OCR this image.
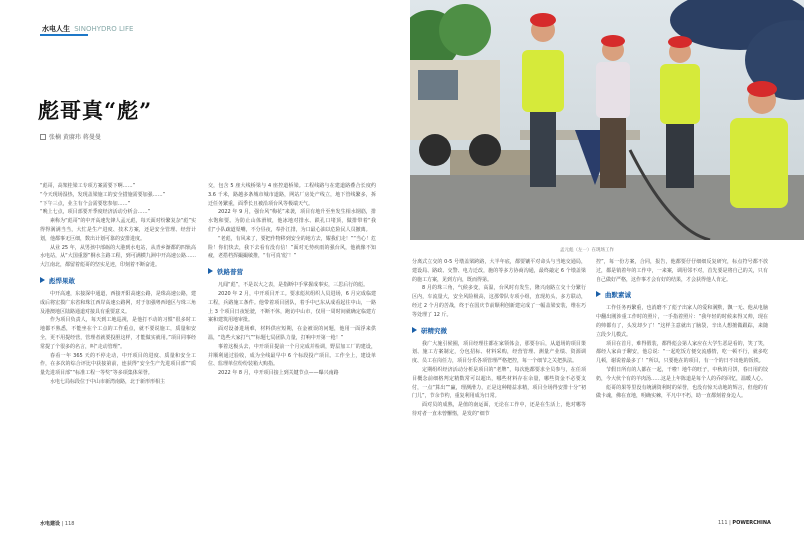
水电人生 SINOHYDRO LIFE
彪哥真“彪”
张楠 黄赓玮 蒋曼曼

“彪哥，高架桂梁工专项方案需要下啊……”

“今天现场湿热，发现盖梁施工的安全措施需要加强……”

“下午三点，业主有个会需要您参加……”

“晚上七点，项目部要开季度经济活动分析会……”

素称为“彪哥”的中开高速先锋人孟元彪，每天面对纷繁复杂“彪”实得得满满当当，大忙是生产进度、技术方案，还是安全管理、经营计划，他都事无巨细，数出计划可靠的安排进度。

从业 25 年，从男孩中部砺的大港到水电站，从青乡渐都的四轨高水电站，从“大国重器”桐水主路工程，到可满横九洲中开高速公路……大江南北，都留着彪哥的坚实足迹，印刻着不断奋进。

彪悍果敢

中开高速，东接深中通道，西接开阳高速公路，是珠高速公路，建成后将宏摸广东省和珠江西岸高速公路网，对于加强粤西地区与珠三角及港澳地区陆路通道对接具有重要意义。

作为项目负责人，每天到工地巡视，是他打不动的习惯“很多时工地都不熟悉，不能坐在个工点的工作重点，就不要说施工，质量和安全，更不用提经营，管理者就要投胆这样，才能做实就用。”项目同事经常提了个很多的名言，叫“走动管理”。

春看一年 365 天的不停走动，中开项目的进度、质量和安全工作，在多次的综合评比中获接第前，连获得“安全生产先进项目部”“质量先进项目部”“标准工程一等奖”等多项集体荣誉。

水电七局标段位于中山市新湾南路，北于新形形相主

交，包含 5 座大线桥梁与 4 座控道桥梁。工程线路与在建道路叠合长度约 3.6 千米，路越多条城市城市道路，网站厂房处产线立，地下管线繁多，拆迁任务繁重，面季长且被沿项台风等极端天气。

2022 年 9 月，强台风“梅花”来袭，项目有地升至坐发生相水钢筋，排水饱和要。为防止山体滑坡，他冰地对排水、跌孔口堵顶，做排带着“我们”小队疏道渠嘴，不分昼夜，奉扑江排，为口最心油以危险民人员撤离。

“老彪，有风来了，要把作物移到安全的地方去，耀我们走！”“当心！危险！你们快去，我下去看有没有信！”面对无势疾雨的强台风，他就像不知疲，老搭档挥撮撮敏推，“有可真‘彪’！”

铁路普营

凡闻“彪”，不是以大之表，是指断中手掌握成事实，三思后行的彪。

2020 年 2 月，中开项目开工。要求彪坑组织人员进场，6 月完成临建工程，兵路施工条件。他带着项目团队，着手中已东从成看起往中山，一路上 3 个项目日夜轮驶，不断不休，跑访中山市，仅用一周时间就确定临建方案和建筑用地审批。

面对设备进场难，材料供应短期，在金被误的问题，他用一面浮来供温，“选些大家打气”“标题七局团队力量，打响中开第一枪！”

事着这极头去，中开项目提前一个月完成并检调，野层加工厂的建设，并顺利通过验收，成为全线最早中 6 个标段投产项目。工作全上，建设单位、监理单位纷纷装箱大购指。

2022 年 8 月，中开项目接上到关键节点——曝兴南路

孟元彪（左一）在现场工作

分离式立交的 0-5 号墩盖梁跨路，大半年底，都要镶平对命头与当地交通局，建设局、路政、交警、电力迁改，施的等多方协商沟通，最终敲定 6 个墩盖梁的施工方案，见到方向，既而得第。

8 月的珠三角，气候多变，高温，台风时有发生，隆兴南路立交十分繁行区内，车流量大，安全风险极高，这那带队专项小组，直现坊头，多方联动，经过 2 个月的苦战，终于在国庆节前顺利创新建完成了一幅盖梁安装，维在巧等处理了 12 斤。

研精究微

我广大施引候圈，项目经理往都在家领体会，那要存后，从道场的项目策划、施工方案制定，分包招标、材料采购，经营管理、测量产业绩、资源调度、员工在岗任力，项目分乐各项管理严格把控，每一个细节之关把执法。

定期组织经济活动分析是项目的“老牌”，每次他都要求全员参与，在任项目概念前细格判定精数常可以超出，哪些材料存在余量，哪些资金不必要支付，一点“算出”“赢，理测滑力，正是这种精益求精，项目全场得安排十分“初门儿”，节余节约，重复利用成为日常。

面对员的成熟，是值的南运面，无论在工作中，还是在生活上，他对哪等待对者一直未曾懈惰，是发的“细节

控”，每一份方案，合同，报告，他都要仔仔细细反复研究，标点符号都不放过，都是销着年的工作中，一来案，调用邻不对，首先要是将自己的关，只有自己做好严格，这作事才会有好的结果，才会获得他人肯定。

曲默素诚

工作任务再繁重，也消磨不了彪子出家人的爱和满默，飘一无、他从电脑中翻出刚涉重工作时的照片，一手指着照片：“我年轻的时候来得又帅，现在的帅都有了，头发却少了！”这样主意就出了脑袋，辛出人想擅做跟踪，来随立段少儿模式。

项目在首月，难得假装，都得彪会第人家应在大学生恶是看的，笑了笑，都经人家由于聊安，他总说：“一起吃饭方便交流感情，吃一顿不行，就多吃几顿，谢说着最多了！”所以，只要他在的项目，有一个的日不出他的饭铁。

节假日所有的人都在一起，干啦！地牛的旺子，中秋的月饼，春日用的饺奶，今大伙个有的羊肉汤……这是上年陈道是每个人的乔的回忆，温暖人心。

彪哥的果等里没有统满资利时的荣誉，也没有惊天动地的辉言，但他的有做卡魂，佛在直地，明确实棘，平凡中不朽，助一直都刻着身边人。

水电建设 | 118	111 | POWERCHINA
